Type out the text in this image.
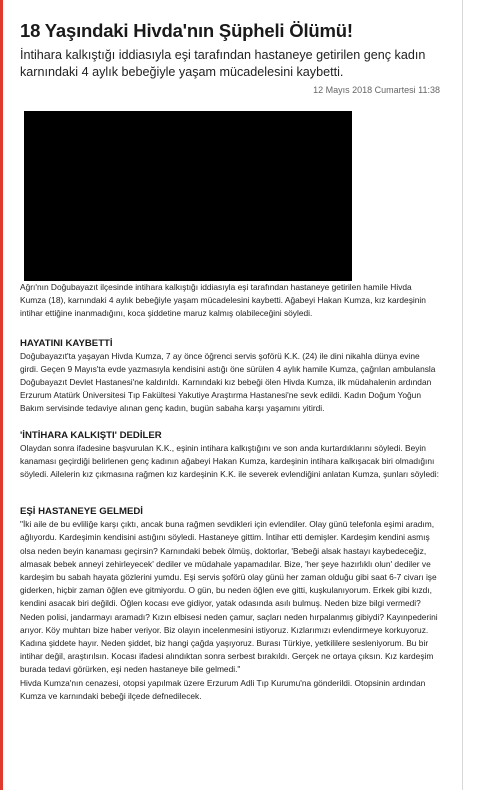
18 Yaşındaki Hivda'nın Şüpheli Ölümü!
İntihara kalkıştığı iddiasıyla eşi tarafından hastaneye getirilen genç kadın karnındaki 4 aylık bebeğiyle yaşam mücadelesini kaybetti.
12 Mayıs 2018 Cumartesi 11:38

Ağrı'nın Doğubayazıt ilçesinde intihara kalkıştığı iddiasıyla eşi tarafından hastaneye getirilen hamile Hivda Kumza (18), karnındaki 4 aylık bebeğiyle yaşam mücadelesini kaybetti. Ağabeyi Hakan Kumza, kız kardeşinin intihar ettiğine inanmadığını, koca şiddetine maruz kalmış olabileceğini söyledi.

HAYATINI KAYBETTİ

Doğubayazıt'ta yaşayan Hivda Kumza, 7 ay önce öğrenci servis şoförü K.K. (24) ile dini nikahla dünya evine girdi. Geçen 9 Mayıs'ta evde yazmasıyla kendisini astığı öne sürülen 4 aylık hamile Kumza, çağrılan ambulansla Doğubayazıt Devlet Hastanesi'ne kaldırıldı. Karnındaki kız bebeği ölen Hivda Kumza, ilk müdahalenin ardından Erzurum Atatürk Üniversitesi Tıp Fakültesi Yakutiye Araştırma Hastanesi'ne sevk edildi. Kadın Doğum Yoğun Bakım servisinde tedaviye alınan genç kadın, bugün sabaha karşı yaşamını yitirdi.

'İNTİHARA KALKIŞTI' DEDİLER

Olaydan sonra ifadesine başvurulan K.K., eşinin intihara kalkıştığını ve son anda kurtardıklarını söyledi. Beyin kanaması geçirdiği belirlenen genç kadının ağabeyi Hakan Kumza, kardeşinin intihara kalkışacak biri olmadığını söyledi. Ailelerin kız çıkmasına rağmen kız kardeşinin K.K. ile severek evlendiğini anlatan Kumza, şunları söyledi:

EŞİ HASTANEYE GELMEDİ

"İki aile de bu evliliğe karşı çıktı, ancak buna rağmen sevdikleri için evlendiler. Olay günü telefonla eşimi aradım, ağlıyordu. Kardeşimin kendisini astığını söyledi. Hastaneye gittim. İntihar etti demişler. Kardeşim kendini asmış olsa neden beyin kanaması geçirsin? Karnındaki bebek ölmüş, doktorlar, 'Bebeği alsak hastayı kaybedeceğiz, almasak bebek anneyi zehirleyecek' dediler ve müdahale yapamadılar. Bize, 'her şeye hazırlıklı olun' dediler ve kardeşim bu sabah hayata gözlerini yumdu. Eşi servis şoförü olay günü her zaman olduğu gibi saat 6-7 civarı işe giderken, hiçbir zaman öğlen eve gitmiyordu. O gün, bu neden öğlen eve gitti, kuşkulanıyorum. Erkek gibi kızdı, kendini asacak biri değildi. Öğlen kocası eve gidiyor, yatak odasında asılı bulmuş. Neden bize bilgi vermedi? Neden polisi, jandarmayı aramadı? Kızın elbisesi neden çamur, saçları neden hırpalanmış gibiydi? Kayınpederini arıyor. Köy muhtarı bize haber veriyor. Biz olayın incelenmesini istiyoruz. Kızlarımızı evlendirmeye korkuyoruz. Kadına şiddete hayır. Neden şiddet, biz hangi çağda yaşıyoruz. Burası Türkiye, yetkililere sesleniyorum. Bu bir intihar değil, araştırılsın. Kocası ifadesi alındıktan sonra serbest bırakıldı. Gerçek ne ortaya çıksın. Kız kardeşim burada tedavi görürken, eşi neden hastaneye bile gelmedi."

Hivda Kumza'nın cenazesi, otopsi yapılmak üzere Erzurum Adli Tıp Kurumu'na gönderildi. Otopsinin ardından Kumza ve karnındaki bebeği ilçede defnedilecek.
